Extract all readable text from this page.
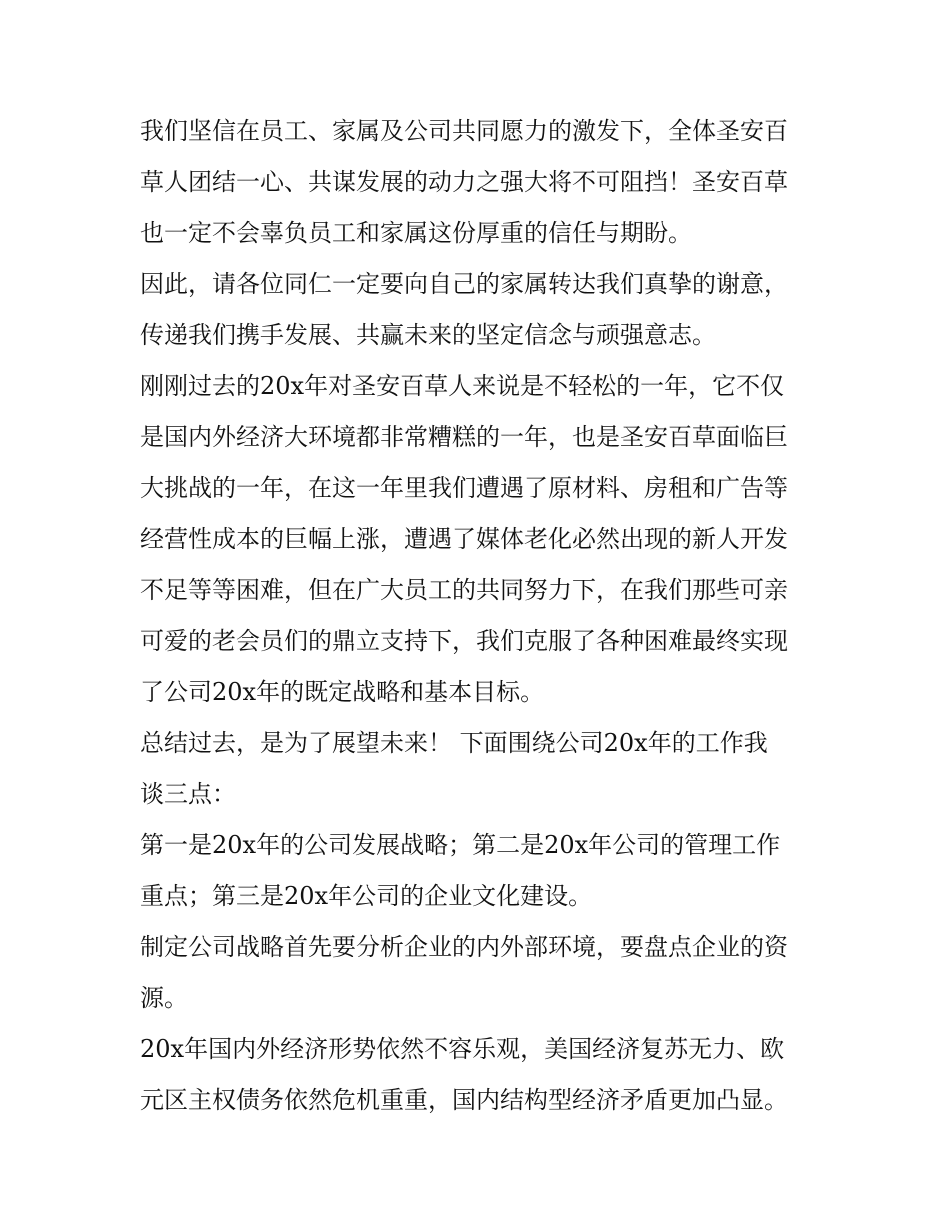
我们坚信在员工、家属及公司共同愿力的激发下，全体圣安百
草人团结一心、共谋发展的动力之强大将不可阻挡！圣安百草
也一定不会辜负员工和家属这份厚重的信任与期盼。
因此，请各位同仁一定要向自己的家属转达我们真挚的谢意，
传递我们携手发展、共赢未来的坚定信念与顽强意志。
刚刚过去的20x年对圣安百草人来说是不轻松的一年，它不仅
是国内外经济大环境都非常糟糕的一年，也是圣安百草面临巨
大挑战的一年，在这一年里我们遭遇了原材料、房租和广告等
经营性成本的巨幅上涨，遭遇了媒体老化必然出现的新人开发
不足等等困难，但在广大员工的共同努力下，在我们那些可亲
可爱的老会员们的鼎立支持下，我们克服了各种困难最终实现
了公司20x年的既定战略和基本目标。
总结过去，是为了展望未来！ 下面围绕公司20x年的工作我
谈三点：
第一是20x年的公司发展战略；第二是20x年公司的管理工作
重点；第三是20x年公司的企业文化建设。
制定公司战略首先要分析企业的内外部环境，要盘点企业的资
源。
20x年国内外经济形势依然不容乐观，美国经济复苏无力、欧
元区主权债务依然危机重重，国内结构型经济矛盾更加凸显。
